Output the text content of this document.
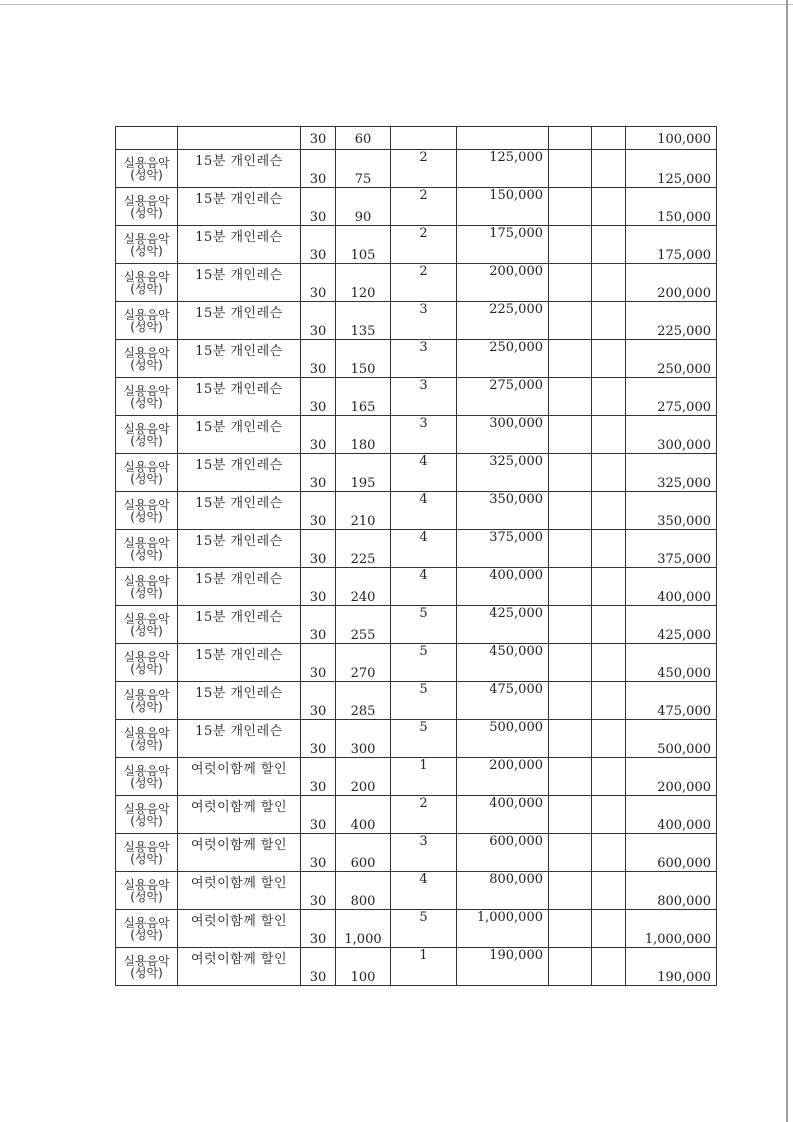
		30	60					100,000

실용음악
(성악)	15분 개인레슨	30	75	2	125,000			125,000

실용음악
(성악)	15분 개인레슨	30	90	2	150,000			150,000

실용음악
(성악)	15분 개인레슨	30	105	2	175,000			175,000

실용음악
(성악)	15분 개인레슨	30	120	2	200,000			200,000

실용음악
(성악)	15분 개인레슨	30	135	3	225,000			225,000

실용음악
(성악)	15분 개인레슨	30	150	3	250,000			250,000

실용음악
(성악)	15분 개인레슨	30	165	3	275,000			275,000

실용음악
(성악)	15분 개인레슨	30	180	3	300,000			300,000

실용음악
(성악)	15분 개인레슨	30	195	4	325,000			325,000

실용음악
(성악)	15분 개인레슨	30	210	4	350,000			350,000

실용음악
(성악)	15분 개인레슨	30	225	4	375,000			375,000

실용음악
(성악)	15분 개인레슨	30	240	4	400,000			400,000

실용음악
(성악)	15분 개인레슨	30	255	5	425,000			425,000

실용음악
(성악)	15분 개인레슨	30	270	5	450,000			450,000

실용음악
(성악)	15분 개인레슨	30	285	5	475,000			475,000

실용음악
(성악)	15분 개인레슨	30	300	5	500,000			500,000

실용음악
(성악)	여럿이함께 할인	30	200	1	200,000			200,000

실용음악
(성악)	여럿이함께 할인	30	400	2	400,000			400,000

실용음악
(성악)	여럿이함께 할인	30	600	3	600,000			600,000

실용음악
(성악)	여럿이함께 할인	30	800	4	800,000			800,000

실용음악
(성악)	여럿이함께 할인	30	1,000	5	1,000,000			1,000,000

실용음악
(성악)	여럿이함께 할인	30	100	1	190,000			190,000
